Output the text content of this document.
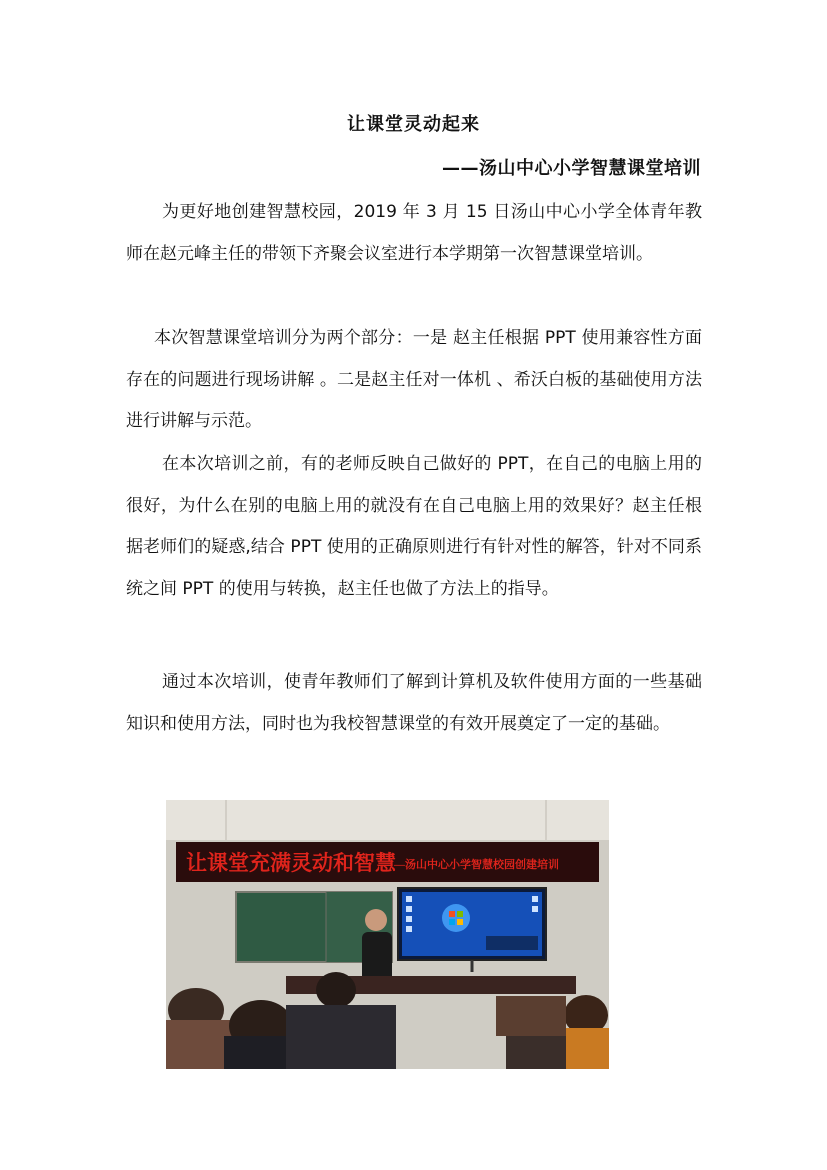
让课堂灵动起来
——汤山中心小学智慧课堂培训

为更好地创建智慧校园，2019 年 3 月 15 日汤山中心小学全体青年教师在赵元峰主任的带领下齐聚会议室进行本学期第一次智慧课堂培训。

本次智慧课堂培训分为两个部分：一是 赵主任根据 PPT 使用兼容性方面存在的问题进行现场讲解 。二是赵主任对一体机 、希沃白板的基础使用方法进行讲解与示范。

在本次培训之前，有的老师反映自己做好的 PPT，在自己的电脑上用的很好，为什么在别的电脑上用的就没有在自己电脑上用的效果好？赵主任根据老师们的疑惑,结合 PPT 使用的正确原则进行有针对性的解答，针对不同系统之间 PPT 的使用与转换，赵主任也做了方法上的指导。

通过本次培训，使青年教师们了解到计算机及软件使用方面的一些基础知识和使用方法，同时也为我校智慧课堂的有效开展奠定了一定的基础。

让课堂充满灵动和智慧
—汤山中心小学智慧校园创建培训
